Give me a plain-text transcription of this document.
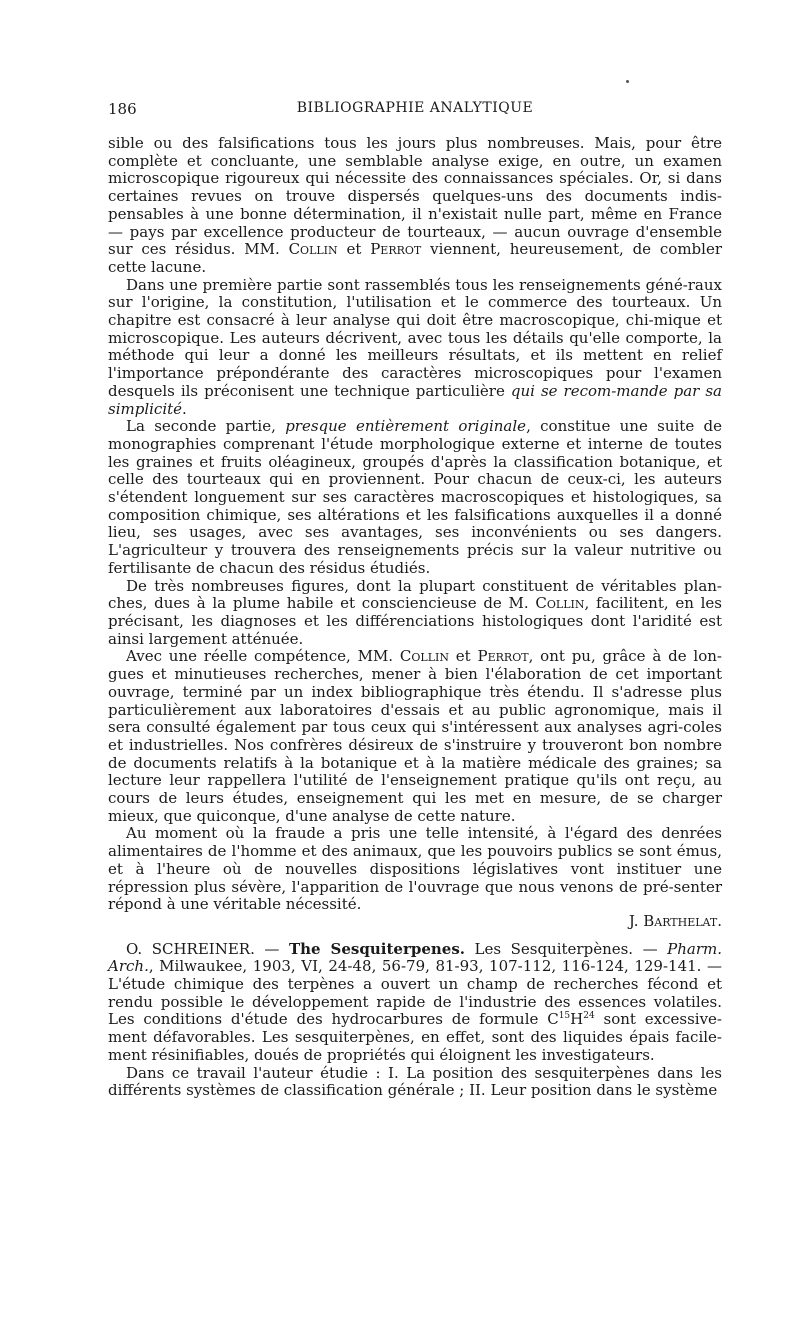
186	BIBLIOGRAPHIE ANALYTIQUE

sible ou des falsifications tous les jours plus nombreuses. Mais, pour être complète et concluante, une semblable analyse exige, en outre, un examen microscopique rigoureux qui nécessite des connaissances spéciales. Or, si dans certaines revues on trouve dispersés quelques-uns des documents indis-pensables à une bonne détermination, il n'existait nulle part, même en France — pays par excellence producteur de tourteaux, — aucun ouvrage d'ensemble sur ces résidus. MM. Collin et Perrot viennent, heureusement, de combler cette lacune.

Dans une première partie sont rassemblés tous les renseignements géné-raux sur l'origine, la constitution, l'utilisation et le commerce des tourteaux. Un chapitre est consacré à leur analyse qui doit être macroscopique, chi-mique et microscopique. Les auteurs décrivent, avec tous les détails qu'elle comporte, la méthode qui leur a donné les meilleurs résultats, et ils mettent en relief l'importance prépondérante des caractères microscopiques pour l'examen desquels ils préconisent une technique particulière qui se recom-mande par sa simplicité.

La seconde partie, presque entièrement originale, constitue une suite de monographies comprenant l'étude morphologique externe et interne de toutes les graines et fruits oléagineux, groupés d'après la classification botanique, et celle des tourteaux qui en proviennent. Pour chacun de ceux-ci, les auteurs s'étendent longuement sur ses caractères macroscopiques et histologiques, sa composition chimique, ses altérations et les falsifications auxquelles il a donné lieu, ses usages, avec ses avantages, ses inconvénients ou ses dangers. L'agriculteur y trouvera des renseignements précis sur la valeur nutritive ou fertilisante de chacun des résidus étudiés.

De très nombreuses figures, dont la plupart constituent de véritables plan-ches, dues à la plume habile et consciencieuse de M. Collin, facilitent, en les précisant, les diagnoses et les différenciations histologiques dont l'aridité est ainsi largement atténuée.

Avec une réelle compétence, MM. Collin et Perrot, ont pu, grâce à de lon-gues et minutieuses recherches, mener à bien l'élaboration de cet important ouvrage, terminé par un index bibliographique très étendu. Il s'adresse plus particulièrement aux laboratoires d'essais et au public agronomique, mais il sera consulté également par tous ceux qui s'intéressent aux analyses agri-coles et industrielles. Nos confrères désireux de s'instruire y trouveront bon nombre de documents relatifs à la botanique et à la matière médicale des graines; sa lecture leur rappellera l'utilité de l'enseignement pratique qu'ils ont reçu, au cours de leurs études, enseignement qui les met en mesure, de se charger mieux, que quiconque, d'une analyse de cette nature.

Au moment où la fraude a pris une telle intensité, à l'égard des denrées alimentaires de l'homme et des animaux, que les pouvoirs publics se sont émus, et à l'heure où de nouvelles dispositions législatives vont instituer une répression plus sévère, l'apparition de l'ouvrage que nous venons de pré-senter répond à une véritable nécessité.

J. Barthelat.

O. SCHREINER. — The Sesquiterpenes. Les Sesquiterpènes. — Pharm. Arch., Milwaukee, 1903, VI, 24-48, 56-79, 81-93, 107-112, 116-124, 129-141. — L'étude chimique des terpènes a ouvert un champ de recherches fécond et rendu possible le développement rapide de l'industrie des essences volatiles. Les conditions d'étude des hydrocarbures de formule $C^{15}H^{24}$ sont excessive-ment défavorables. Les sesquiterpènes, en effet, sont des liquides épais facile-ment résinifiables, doués de propriétés qui éloignent les investigateurs.

Dans ce travail l'auteur étudie : I. La position des sesquiterpènes dans les différents systèmes de classification générale ; II. Leur position dans le système
